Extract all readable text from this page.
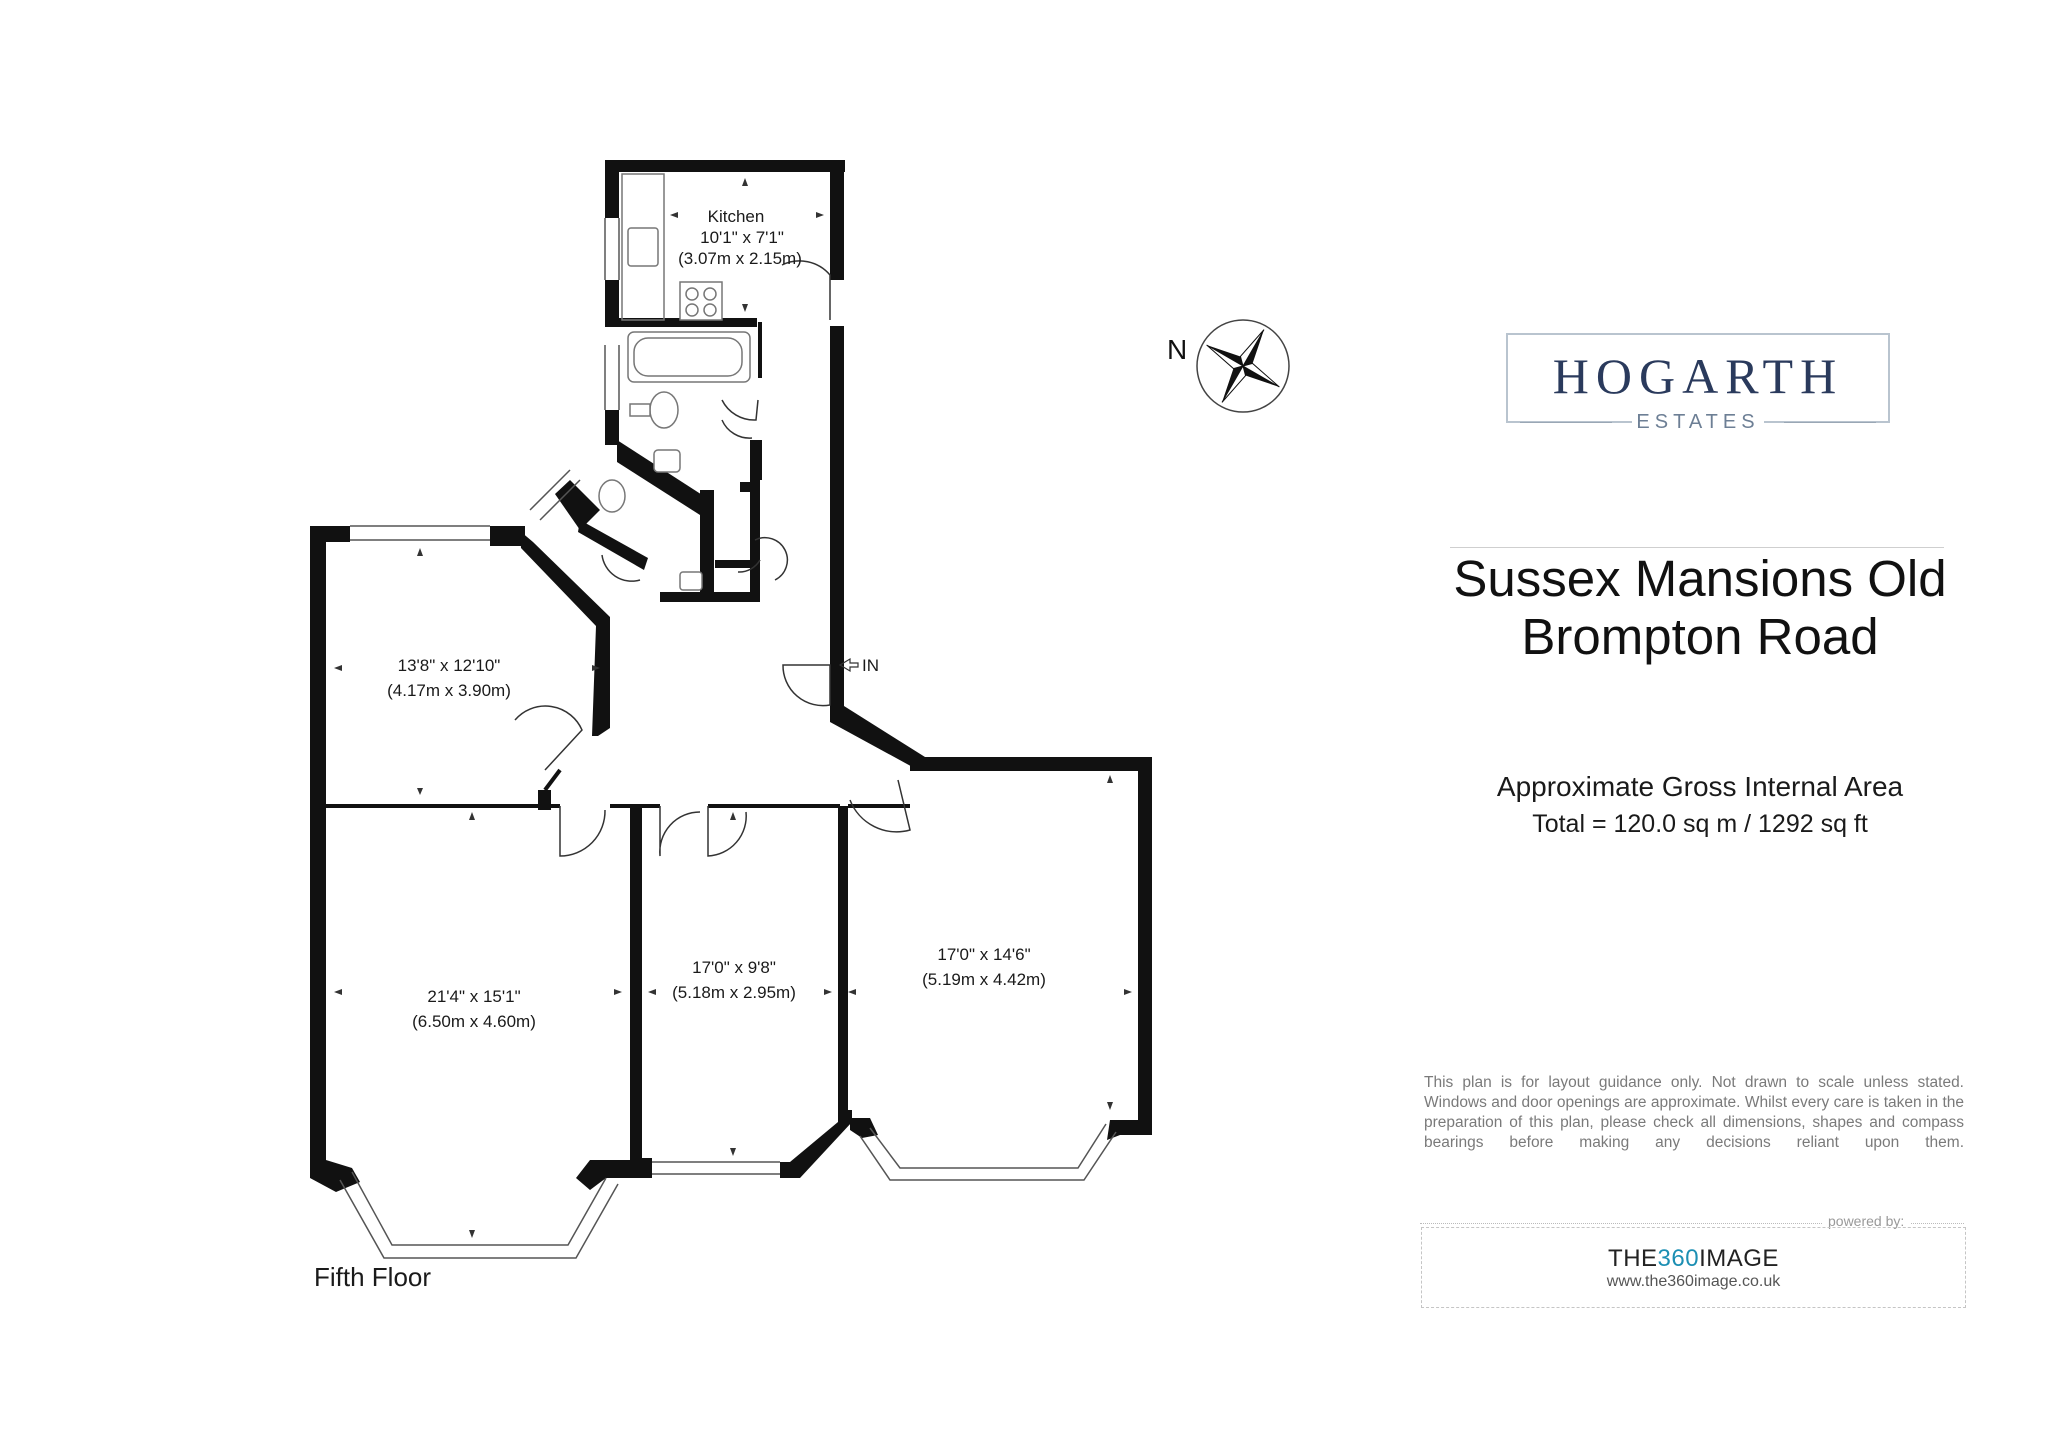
Kitchen
10'1" x 7'1"
(3.07m x 2.15m)
13'8" x 12'10"
(4.17m x 3.90m)
21'4" x 15'1"
(6.50m x 4.60m)
17'0" x 9'8"
(5.18m x 2.95m)
17'0" x 14'6"
(5.19m x 4.42m)
IN
N
Fifth Floor
HOGARTH
ESTATES
Sussex Mansions Old
Brompton Road
Approximate Gross Internal Area
Total = 120.0 sq m / 1292 sq ft
This plan is for layout guidance only. Not drawn to scale unless stated. Windows and door openings are approximate. Whilst every care is taken in the preparation of this plan, please check all dimensions, shapes and compass bearings before making any decisions reliant upon them.
powered by:
THE360IMAGE
www.the360image.co.uk
